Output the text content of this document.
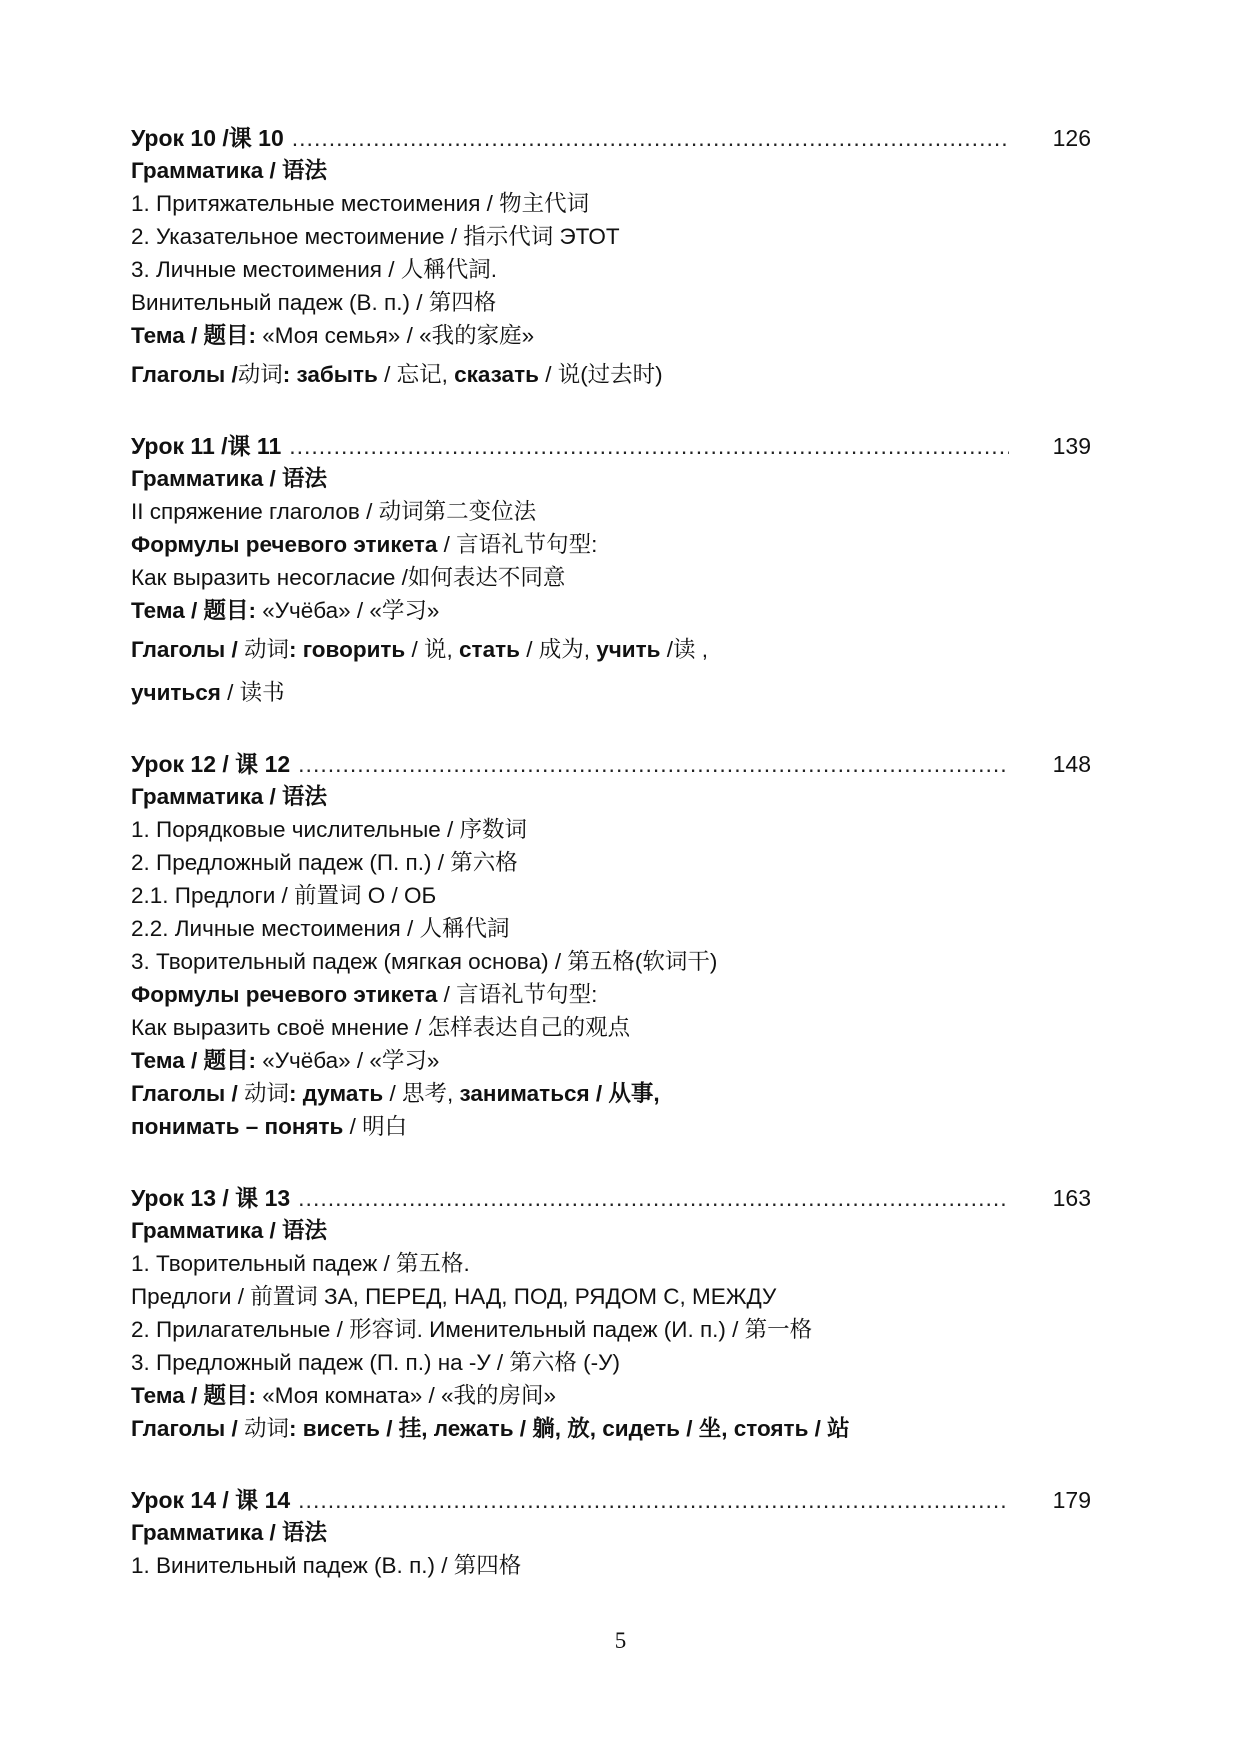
Урок 10 /课 10 .....	126
Грамматика / 语法
1. Притяжательные местоимения / 物主代词
2. Указательное местоимение / 指示代词 ЭТОТ
3. Личные местоимения / 人稱代詞.
Винительный падеж (В. п.) / 第四格
Тема / 题目: «Моя семья» / «我的家庭»
Глаголы /动词: забыть / 忘记, сказать / 说(过去时)
Урок 11 /课 11 .....	139
Грамматика / 语法
II спряжение глаголов / 动词第二变位法
Формулы речевого этикета / 言语礼节句型:
Как выразить несогласие /如何表达不同意
Тема / 题目: «Учёба» / «学习»
Глаголы / 动词: говорить / 说, стать / 成为, учить /读 ,
учиться / 读书
Урок 12 / 课 12 .....	148
Грамматика / 语法
1. Порядковые числительные / 序数词
2. Предложный падеж (П. п.) / 第六格
2.1. Предлоги / 前置词 О / ОБ
2.2. Личные местоимения / 人稱代詞
3. Творительный падеж (мягкая основа) / 第五格(软词干)
Формулы речевого этикета / 言语礼节句型:
Как выразить своё мнение / 怎样表达自己的观点
Тема / 题目: «Учёба» / «学习»
Глаголы / 动词: думать / 思考, заниматься / 从事,
понимать – понять / 明白
Урок 13 / 课 13 .....	163
Грамматика / 语法
1. Творительный падеж / 第五格.
Предлоги / 前置词 ЗА, ПЕРЕД, НАД, ПОД, РЯДОМ С, МЕЖДУ
2. Прилагательные / 形容词. Именительный падеж (И. п.) / 第一格
3. Предложный падеж (П. п.) на -У / 第六格 (-У)
Тема / 题目: «Моя комната» / «我的房间»
Глаголы / 动词: висеть / 挂, лежать / 躺, 放, сидеть / 坐, стоять / 站
Урок 14 / 课 14 .....	179
Грамматика / 语法
1. Винительный падеж (В. п.) / 第四格
5
